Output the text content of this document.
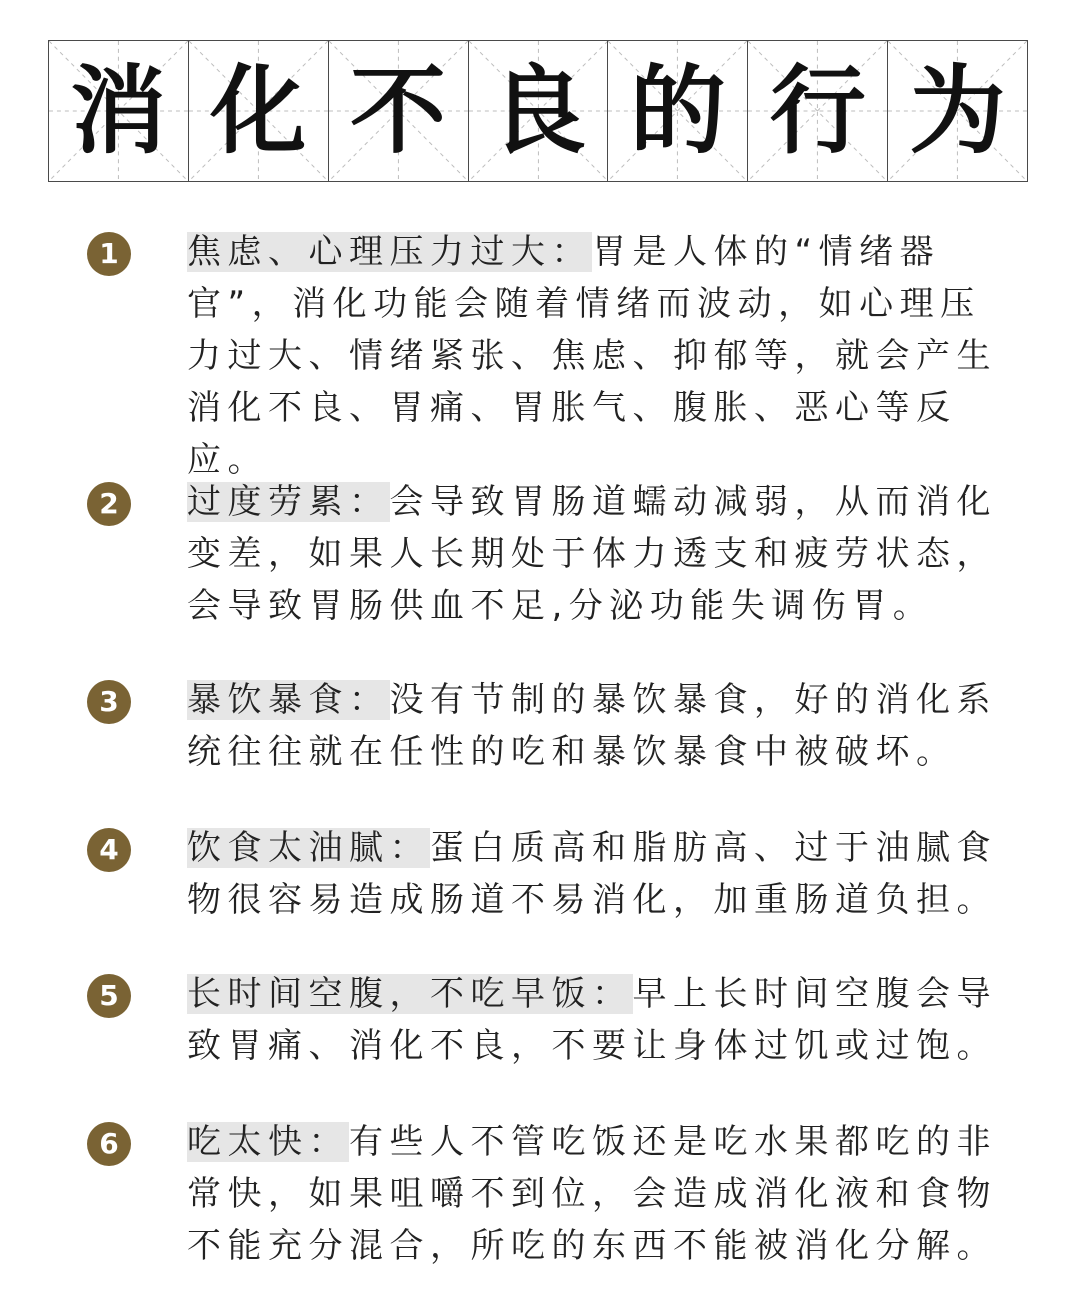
消 化 不 良 的 行 为
1	焦虑、心理压力过大：胃是人体的“情绪器官”，消化功能会随着情绪而波动，如心理压力过大、情绪紧张、焦虑、抑郁等，就会产生消化不良、胃痛、胃胀气、腹胀、恶心等反应。
2	过度劳累：会导致胃肠道蠕动减弱，从而消化变差，如果人长期处于体力透支和疲劳状态，会导致胃肠供血不足,分泌功能失调伤胃。
3	暴饮暴食：没有节制的暴饮暴食，好的消化系统往往就在任性的吃和暴饮暴食中被破坏。
4	饮食太油腻：蛋白质高和脂肪高、过于油腻食物很容易造成肠道不易消化，加重肠道负担。
5	长时间空腹，不吃早饭：早上长时间空腹会导致胃痛、消化不良，不要让身体过饥或过饱。
6	吃太快：有些人不管吃饭还是吃水果都吃的非常快，如果咀嚼不到位，会造成消化液和食物不能充分混合，所吃的东西不能被消化分解。
